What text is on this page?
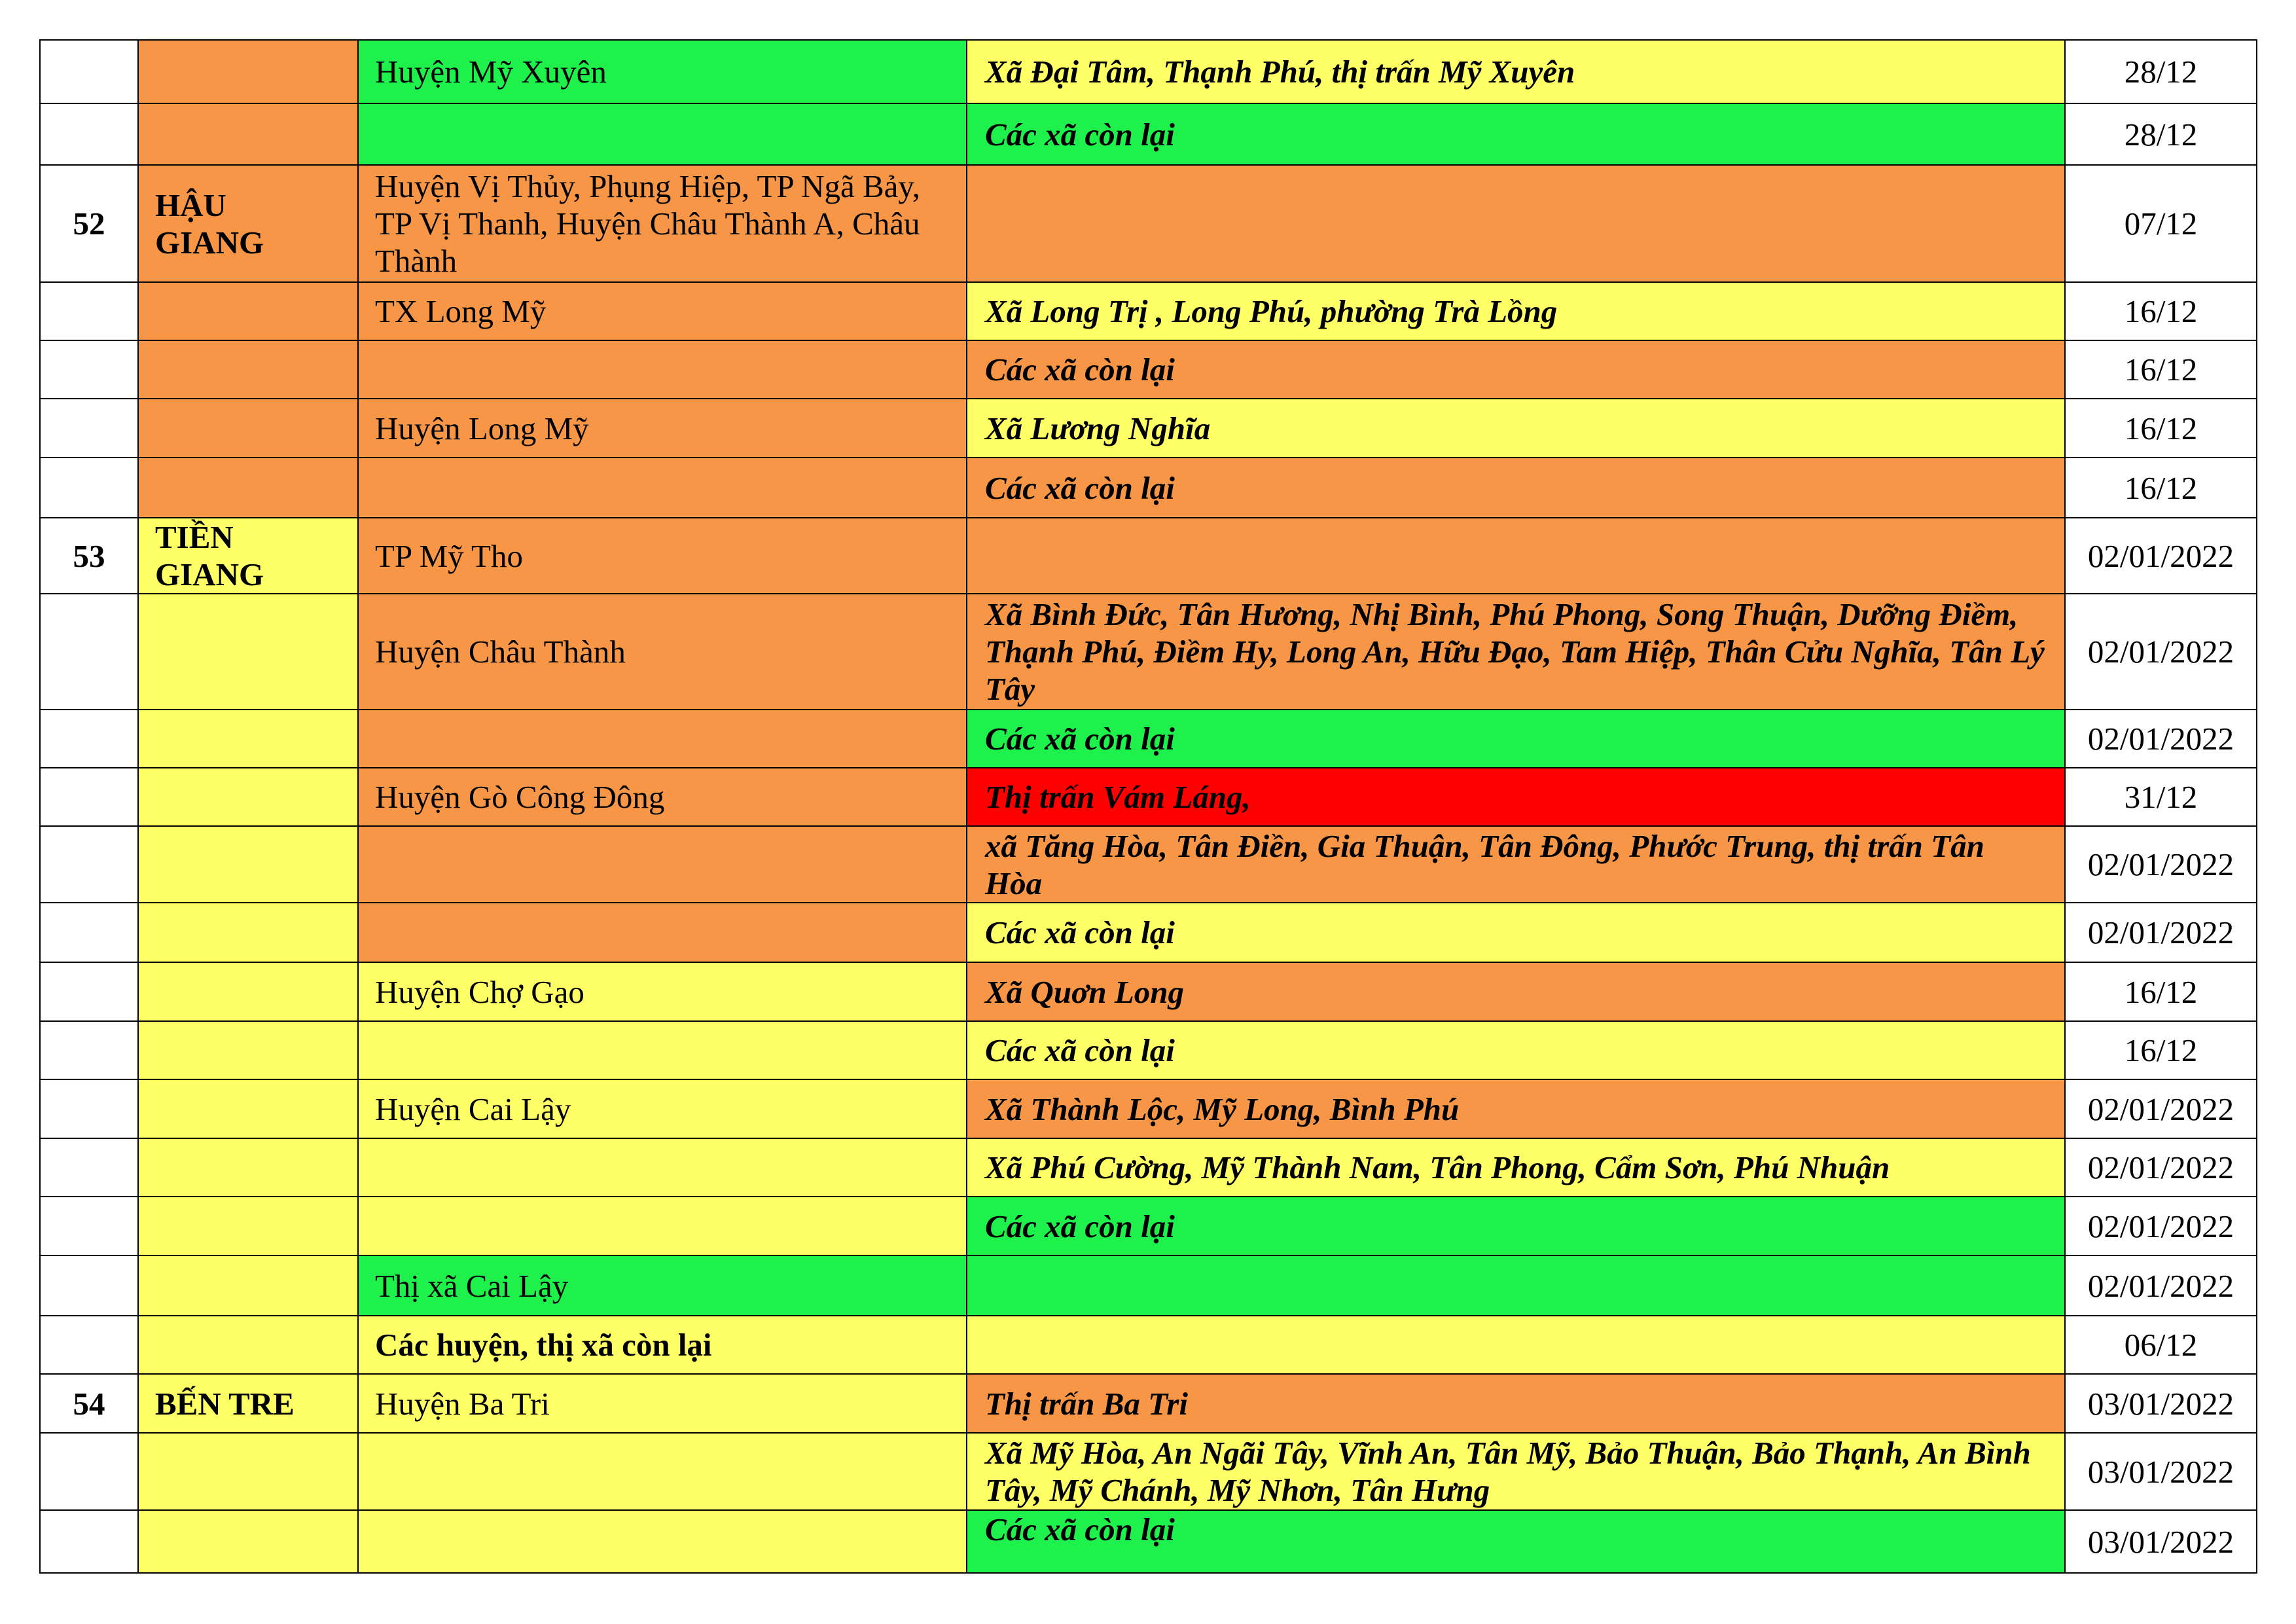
		Huyện Mỹ Xuyên	Xã Đại Tâm, Thạnh Phú, thị trấn Mỹ Xuyên	28/12
			Các xã còn lại	28/12
52	HẬU GIANG	Huyện Vị Thủy, Phụng Hiệp, TP Ngã Bảy, TP Vị Thanh, Huyện Châu Thành A, Châu Thành		07/12
		TX Long Mỹ	Xã Long Trị , Long Phú, phường Trà Lồng	16/12
			Các xã còn lại	16/12
		Huyện Long Mỹ	Xã Lương Nghĩa	16/12
			Các xã còn lại	16/12
53	TIỀN GIANG	TP Mỹ Tho		02/01/2022
		Huyện Châu Thành	Xã Bình Đức, Tân Hương, Nhị Bình, Phú Phong, Song Thuận, Dưỡng Điềm, Thạnh Phú, Điềm Hy, Long An, Hữu Đạo, Tam Hiệp, Thân Cửu Nghĩa, Tân Lý Tây	02/01/2022
			Các xã còn lại	02/01/2022
		Huyện Gò Công Đông	Thị trấn Vám Láng,	31/12
			xã Tăng Hòa, Tân Điền, Gia Thuận, Tân Đông, Phước Trung, thị trấn Tân Hòa	02/01/2022
			Các xã còn lại	02/01/2022
		Huyện Chợ Gạo	Xã Quơn Long	16/12
			Các xã còn lại	16/12
		Huyện Cai Lậy	Xã Thành Lộc, Mỹ Long, Bình Phú	02/01/2022
			Xã Phú Cường, Mỹ Thành Nam, Tân Phong, Cẩm Sơn, Phú Nhuận	02/01/2022
			Các xã còn lại	02/01/2022
		Thị xã Cai Lậy		02/01/2022
		Các huyện, thị xã còn lại		06/12
54	BẾN TRE	Huyện Ba Tri	Thị trấn Ba Tri	03/01/2022
			Xã Mỹ Hòa, An Ngãi Tây, Vĩnh An, Tân Mỹ, Bảo Thuận, Bảo Thạnh, An Bình Tây, Mỹ Chánh, Mỹ Nhơn, Tân Hưng	03/01/2022
			Các xã còn lại	03/01/2022
